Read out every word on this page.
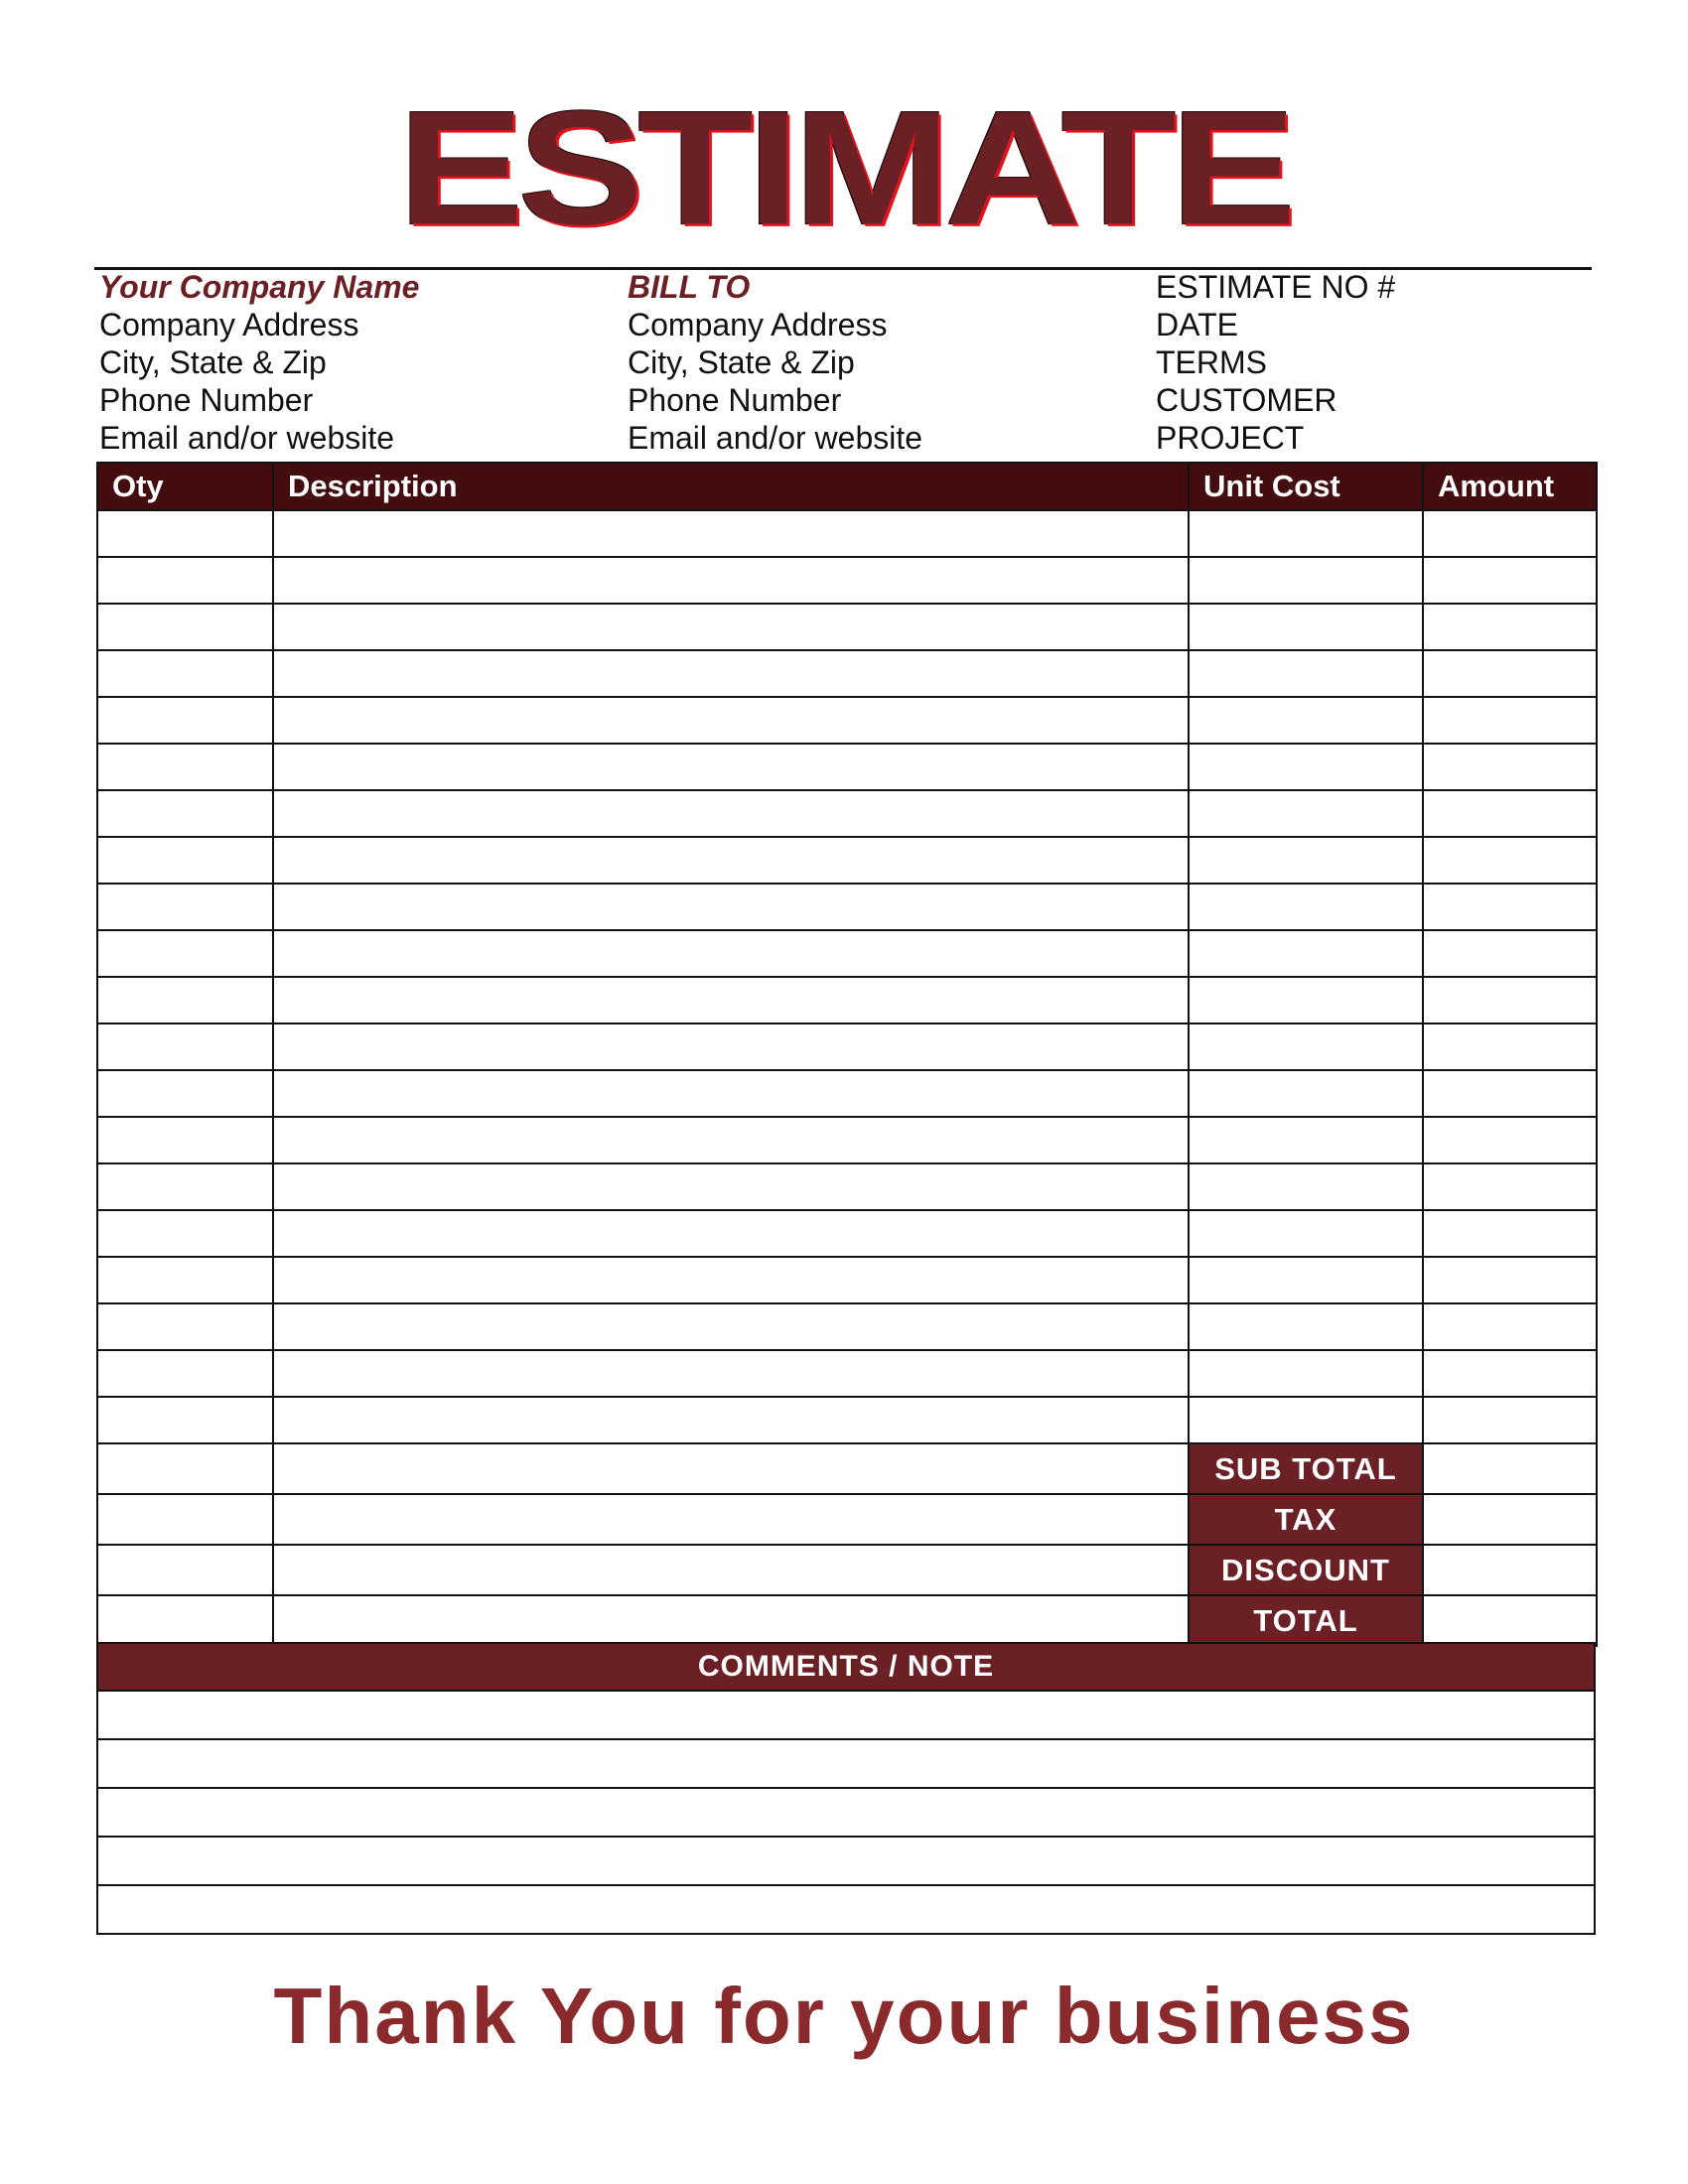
ESTIMATE
Your Company Name
Company Address
City, State & Zip
Phone Number
Email and/or website
BILL TO
Company Address
City, State & Zip
Phone Number
Email and/or website
ESTIMATE NO #
DATE
TERMS
CUSTOMER
PROJECT
Oty	Description	Unit Cost	Amount

		SUB TOTAL	
		TAX	
		DISCOUNT	
		TOTAL	
COMMENTS / NOTE

Thank You for your business
